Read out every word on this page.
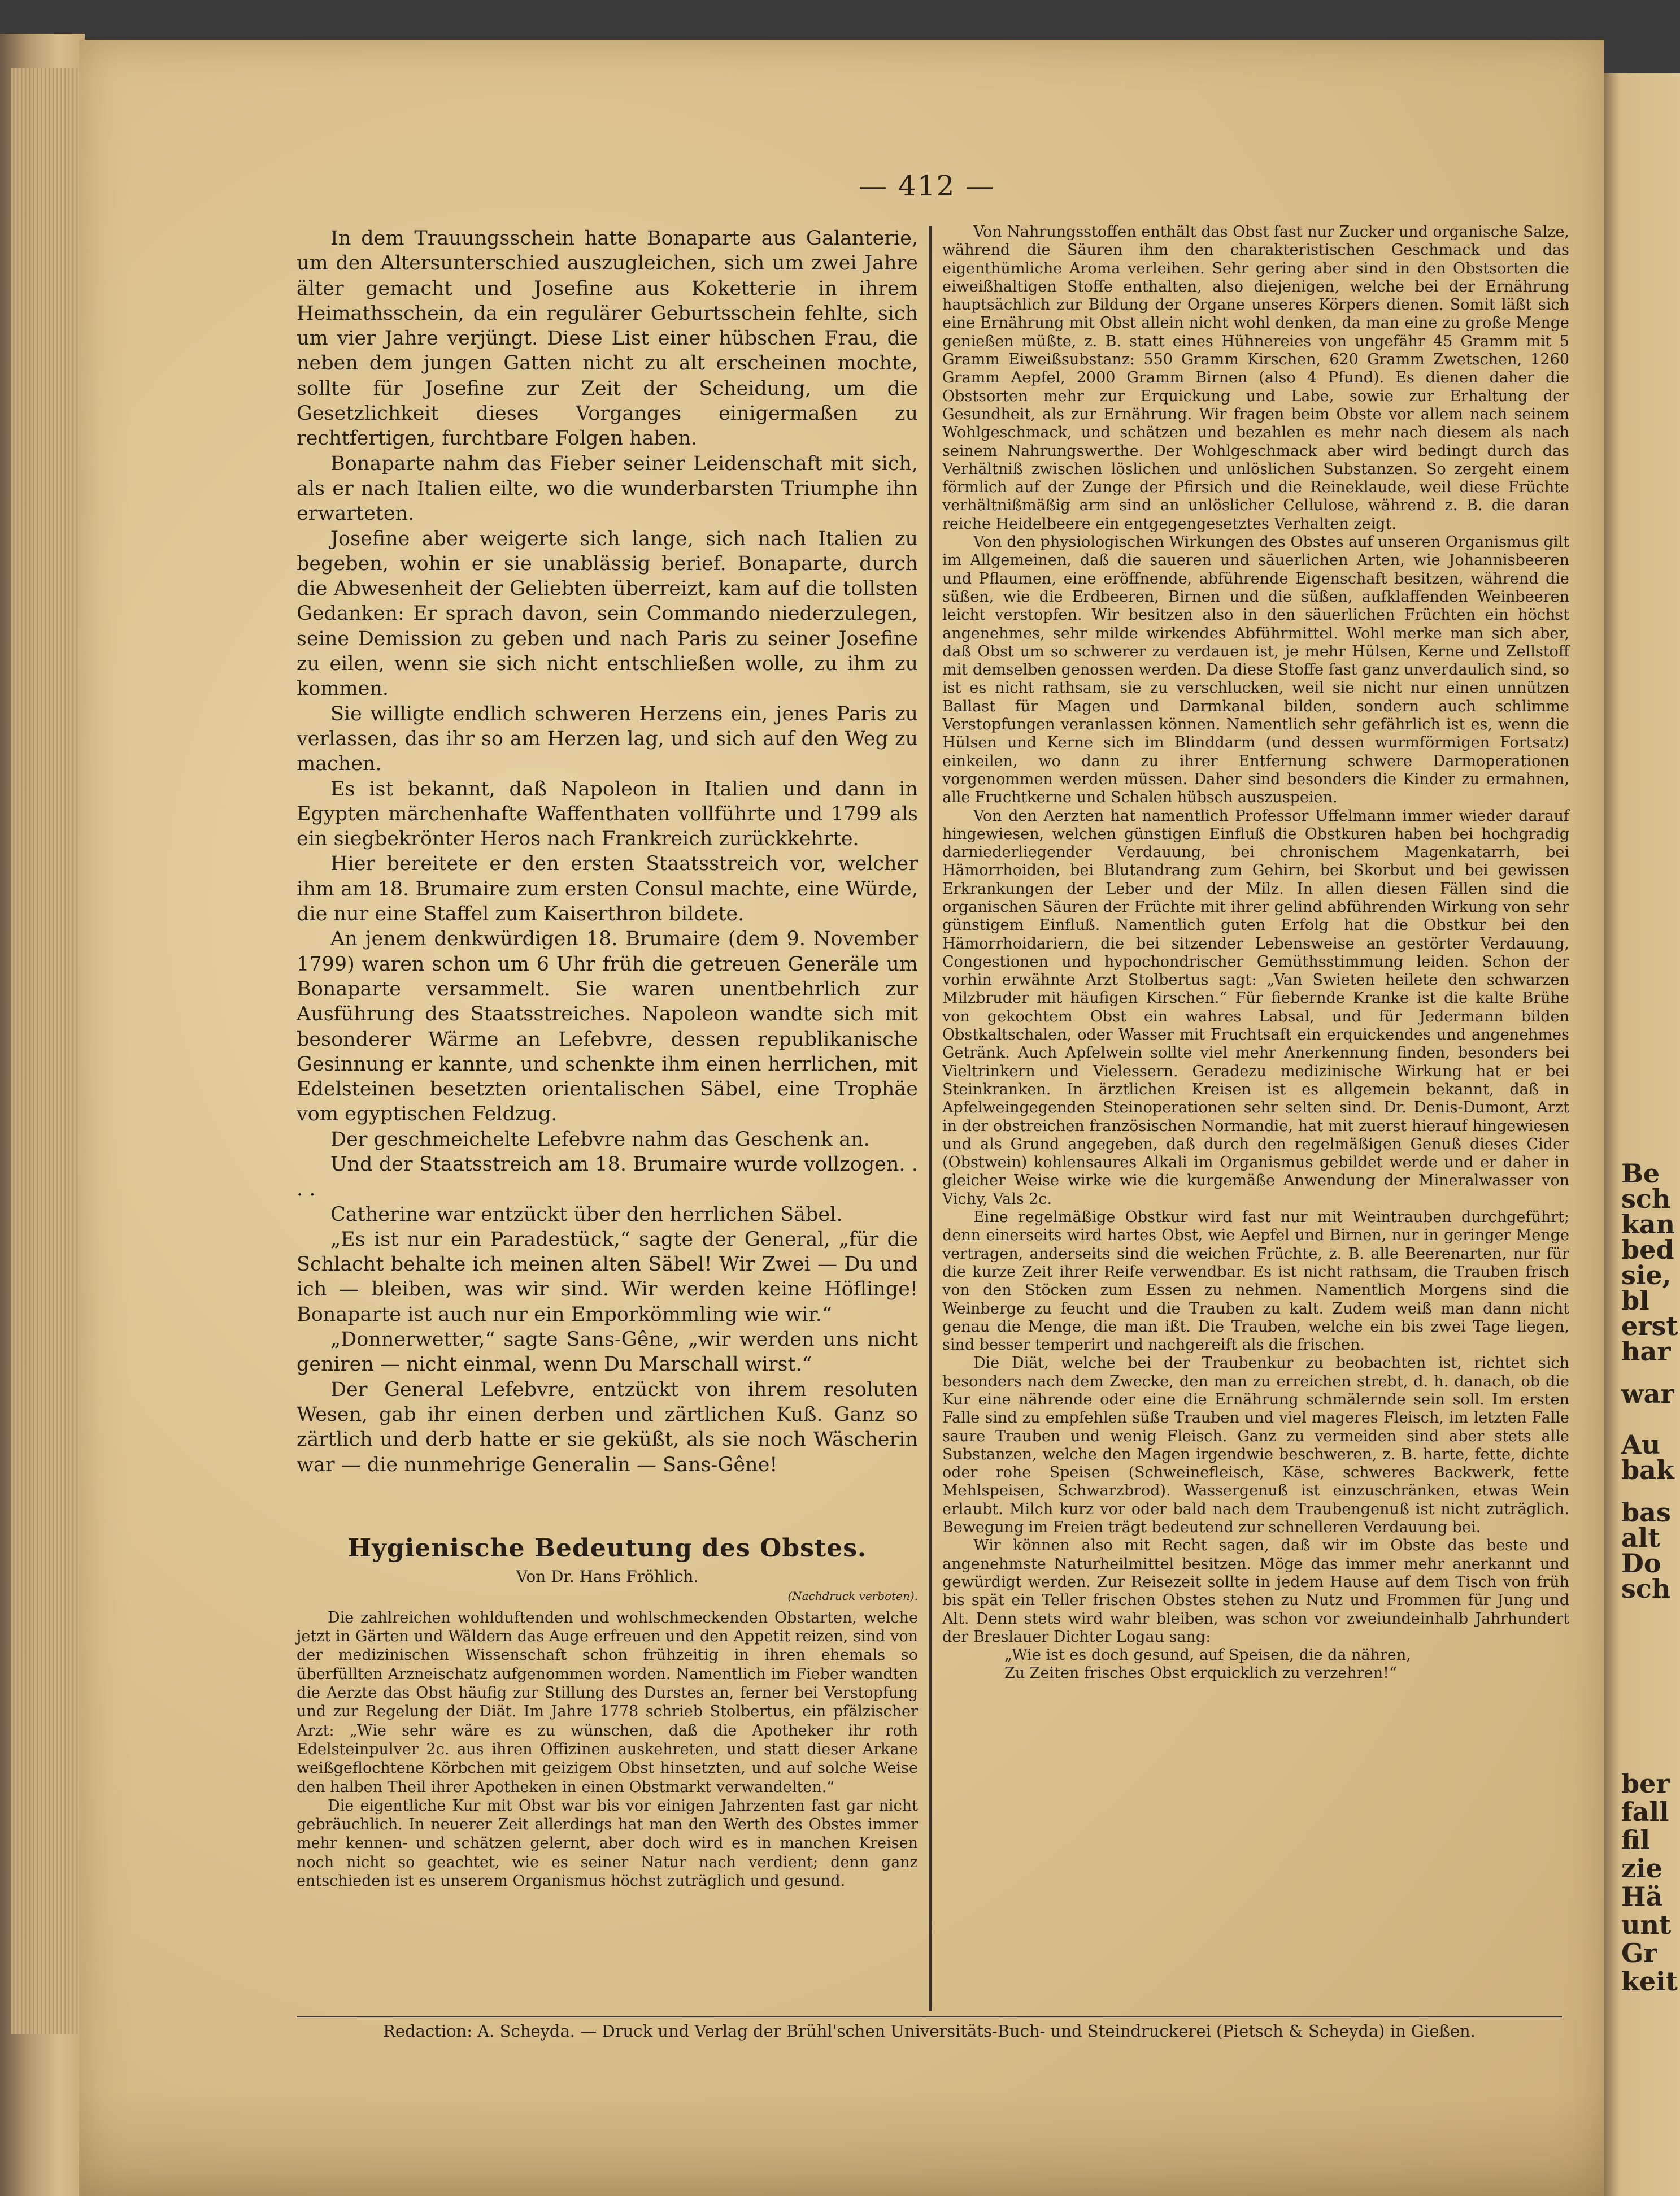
Be
sch
kan
bed
sie,
bl
erst
har
war
Au
bak
bas
alt
Do
sch
ber
fall
fil
zie
Hä
unt
Gr
keit
— 412 —

In dem Trauungsschein hatte Bonaparte aus Galanterie, um den Altersunterschied auszugleichen, sich um zwei Jahre älter gemacht und Josefine aus Koketterie in ihrem Heimathsschein, da ein regulärer Geburtsschein fehlte, sich um vier Jahre verjüngt. Diese List einer hübschen Frau, die neben dem jungen Gatten nicht zu alt erscheinen mochte, sollte für Josefine zur Zeit der Scheidung, um die Gesetzlichkeit dieses Vorganges einigermaßen zu rechtfertigen, furchtbare Folgen haben.

Bonaparte nahm das Fieber seiner Leidenschaft mit sich, als er nach Italien eilte, wo die wunderbarsten Triumphe ihn erwarteten.

Josefine aber weigerte sich lange, sich nach Italien zu begeben, wohin er sie unablässig berief. Bonaparte, durch die Abwesenheit der Geliebten überreizt, kam auf die tollsten Gedanken: Er sprach davon, sein Commando niederzulegen, seine Demission zu geben und nach Paris zu seiner Josefine zu eilen, wenn sie sich nicht entschließen wolle, zu ihm zu kommen.

Sie willigte endlich schweren Herzens ein, jenes Paris zu verlassen, das ihr so am Herzen lag, und sich auf den Weg zu machen.

Es ist bekannt, daß Napoleon in Italien und dann in Egypten märchenhafte Waffenthaten vollführte und 1799 als ein siegbekrönter Heros nach Frankreich zurückkehrte.

Hier bereitete er den ersten Staatsstreich vor, welcher ihm am 18. Brumaire zum ersten Consul machte, eine Würde, die nur eine Staffel zum Kaiserthron bildete.

An jenem denkwürdigen 18. Brumaire (dem 9. November 1799) waren schon um 6 Uhr früh die getreuen Generäle um Bonaparte versammelt. Sie waren unentbehrlich zur Ausführung des Staatsstreiches. Napoleon wandte sich mit besonderer Wärme an Lefebvre, dessen republikanische Gesinnung er kannte, und schenkte ihm einen herrlichen, mit Edelsteinen besetzten orientalischen Säbel, eine Trophäe vom egyptischen Feldzug.

Der geschmeichelte Lefebvre nahm das Geschenk an.

Und der Staatsstreich am 18. Brumaire wurde vollzogen. . . .

Catherine war entzückt über den herrlichen Säbel.

„Es ist nur ein Paradestück,“ sagte der General, „für die Schlacht behalte ich meinen alten Säbel! Wir Zwei — Du und ich — bleiben, was wir sind. Wir werden keine Höflinge! Bonaparte ist auch nur ein Emporkömmling wie wir.“

„Donnerwetter,“ sagte Sans-Gêne, „wir werden uns nicht geniren — nicht einmal, wenn Du Marschall wirst.“

Der General Lefebvre, entzückt von ihrem resoluten Wesen, gab ihr einen derben und zärtlichen Kuß. Ganz so zärtlich und derb hatte er sie geküßt, als sie noch Wäscherin war — die nunmehrige Generalin — Sans-Gêne!

Hygienische Bedeutung des Obstes.

Von Dr. Hans Fröhlich.

(Nachdruck verboten).

Die zahlreichen wohlduftenden und wohlschmeckenden Obstarten, welche jetzt in Gärten und Wäldern das Auge erfreuen und den Appetit reizen, sind von der medizinischen Wissenschaft schon frühzeitig in ihren ehemals so überfüllten Arzneischatz aufgenommen worden. Namentlich im Fieber wandten die Aerzte das Obst häufig zur Stillung des Durstes an, ferner bei Verstopfung und zur Regelung der Diät. Im Jahre 1778 schrieb Stolbertus, ein pfälzischer Arzt: „Wie sehr wäre es zu wünschen, daß die Apotheker ihr roth Edelsteinpulver 2c. aus ihren Offizinen auskehreten, und statt dieser Arkane weißgeflochtene Körbchen mit geizigem Obst hinsetzten, und auf solche Weise den halben Theil ihrer Apotheken in einen Obstmarkt verwandelten.“

Die eigentliche Kur mit Obst war bis vor einigen Jahrzenten fast gar nicht gebräuchlich. In neuerer Zeit allerdings hat man den Werth des Obstes immer mehr kennen- und schätzen gelernt, aber doch wird es in manchen Kreisen noch nicht so geachtet, wie es seiner Natur nach verdient; denn ganz entschieden ist es unserem Organismus höchst zuträglich und gesund.

Von Nahrungsstoffen enthält das Obst fast nur Zucker und organische Salze, während die Säuren ihm den charakteristischen Geschmack und das eigenthümliche Aroma verleihen. Sehr gering aber sind in den Obstsorten die eiweißhaltigen Stoffe enthalten, also diejenigen, welche bei der Ernährung hauptsächlich zur Bildung der Organe unseres Körpers dienen. Somit läßt sich eine Ernährung mit Obst allein nicht wohl denken, da man eine zu große Menge genießen müßte, z. B. statt eines Hühnereies von ungefähr 45 Gramm mit 5 Gramm Eiweißsubstanz: 550 Gramm Kirschen, 620 Gramm Zwetschen, 1260 Gramm Aepfel, 2000 Gramm Birnen (also 4 Pfund). Es dienen daher die Obstsorten mehr zur Erquickung und Labe, sowie zur Erhaltung der Gesundheit, als zur Ernährung. Wir fragen beim Obste vor allem nach seinem Wohlgeschmack, und schätzen und bezahlen es mehr nach diesem als nach seinem Nahrungswerthe. Der Wohlgeschmack aber wird bedingt durch das Verhältniß zwischen löslichen und unlöslichen Substanzen. So zergeht einem förmlich auf der Zunge der Pfirsich und die Reineklaude, weil diese Früchte verhältnißmäßig arm sind an unlöslicher Cellulose, während z. B. die daran reiche Heidelbeere ein entgegengesetztes Verhalten zeigt.

Von den physiologischen Wirkungen des Obstes auf unseren Organismus gilt im Allgemeinen, daß die saueren und säuerlichen Arten, wie Johannisbeeren und Pflaumen, eine eröffnende, abführende Eigenschaft besitzen, während die süßen, wie die Erdbeeren, Birnen und die süßen, aufklaffenden Weinbeeren leicht verstopfen. Wir besitzen also in den säuerlichen Früchten ein höchst angenehmes, sehr milde wirkendes Abführmittel. Wohl merke man sich aber, daß Obst um so schwerer zu verdauen ist, je mehr Hülsen, Kerne und Zellstoff mit demselben genossen werden. Da diese Stoffe fast ganz unverdaulich sind, so ist es nicht rathsam, sie zu verschlucken, weil sie nicht nur einen unnützen Ballast für Magen und Darmkanal bilden, sondern auch schlimme Verstopfungen veranlassen können. Namentlich sehr gefährlich ist es, wenn die Hülsen und Kerne sich im Blinddarm (und dessen wurmförmigen Fortsatz) einkeilen, wo dann zu ihrer Entfernung schwere Darmoperationen vorgenommen werden müssen. Daher sind besonders die Kinder zu ermahnen, alle Fruchtkerne und Schalen hübsch auszuspeien.

Von den Aerzten hat namentlich Professor Uffelmann immer wieder darauf hingewiesen, welchen günstigen Einfluß die Obstkuren haben bei hochgradig darniederliegender Verdauung, bei chronischem Magenkatarrh, bei Hämorrhoiden, bei Blutandrang zum Gehirn, bei Skorbut und bei gewissen Erkrankungen der Leber und der Milz. In allen diesen Fällen sind die organischen Säuren der Früchte mit ihrer gelind abführenden Wirkung von sehr günstigem Einfluß. Namentlich guten Erfolg hat die Obstkur bei den Hämorrhoidariern, die bei sitzender Lebensweise an gestörter Verdauung, Congestionen und hypochondrischer Gemüthsstimmung leiden. Schon der vorhin erwähnte Arzt Stolbertus sagt: „Van Swieten heilete den schwarzen Milzbruder mit häufigen Kirschen.“ Für fiebernde Kranke ist die kalte Brühe von gekochtem Obst ein wahres Labsal, und für Jedermann bilden Obstkaltschalen, oder Wasser mit Fruchtsaft ein erquickendes und angenehmes Getränk. Auch Apfelwein sollte viel mehr Anerkennung finden, besonders bei Vieltrinkern und Vielessern. Geradezu medizinische Wirkung hat er bei Steinkranken. In ärztlichen Kreisen ist es allgemein bekannt, daß in Apfelweingegenden Steinoperationen sehr selten sind. Dr. Denis-Dumont, Arzt in der obstreichen französischen Normandie, hat mit zuerst hierauf hingewiesen und als Grund angegeben, daß durch den regelmäßigen Genuß dieses Cider (Obstwein) kohlensaures Alkali im Organismus gebildet werde und er daher in gleicher Weise wirke wie die kurgemäße Anwendung der Mineralwasser von Vichy, Vals 2c.

Eine regelmäßige Obstkur wird fast nur mit Weintrauben durchgeführt; denn einerseits wird hartes Obst, wie Aepfel und Birnen, nur in geringer Menge vertragen, anderseits sind die weichen Früchte, z. B. alle Beerenarten, nur für die kurze Zeit ihrer Reife verwendbar. Es ist nicht rathsam, die Trauben frisch von den Stöcken zum Essen zu nehmen. Namentlich Morgens sind die Weinberge zu feucht und die Trauben zu kalt. Zudem weiß man dann nicht genau die Menge, die man ißt. Die Trauben, welche ein bis zwei Tage liegen, sind besser temperirt und nachgereift als die frischen.

Die Diät, welche bei der Traubenkur zu beobachten ist, richtet sich besonders nach dem Zwecke, den man zu erreichen strebt, d. h. danach, ob die Kur eine nährende oder eine die Ernährung schmälernde sein soll. Im ersten Falle sind zu empfehlen süße Trauben und viel mageres Fleisch, im letzten Falle saure Trauben und wenig Fleisch. Ganz zu vermeiden sind aber stets alle Substanzen, welche den Magen irgendwie beschweren, z. B. harte, fette, dichte oder rohe Speisen (Schweinefleisch, Käse, schweres Backwerk, fette Mehlspeisen, Schwarzbrod). Wassergenuß ist einzuschränken, etwas Wein erlaubt. Milch kurz vor oder bald nach dem Traubengenuß ist nicht zuträglich. Bewegung im Freien trägt bedeutend zur schnelleren Verdauung bei.

Wir können also mit Recht sagen, daß wir im Obste das beste und angenehmste Naturheilmittel besitzen. Möge das immer mehr anerkannt und gewürdigt werden. Zur Reisezeit sollte in jedem Hause auf dem Tisch von früh bis spät ein Teller frischen Obstes stehen zu Nutz und Frommen für Jung und Alt. Denn stets wird wahr bleiben, was schon vor zweiundeinhalb Jahrhundert der Breslauer Dichter Logau sang:

„Wie ist es doch gesund, auf Speisen, die da nähren,

Zu Zeiten frisches Obst erquicklich zu verzehren!“

Redaction: A. Scheyda. — Druck und Verlag der Brühl'schen Universitäts-Buch- und Steindruckerei (Pietsch & Scheyda) in Gießen.
